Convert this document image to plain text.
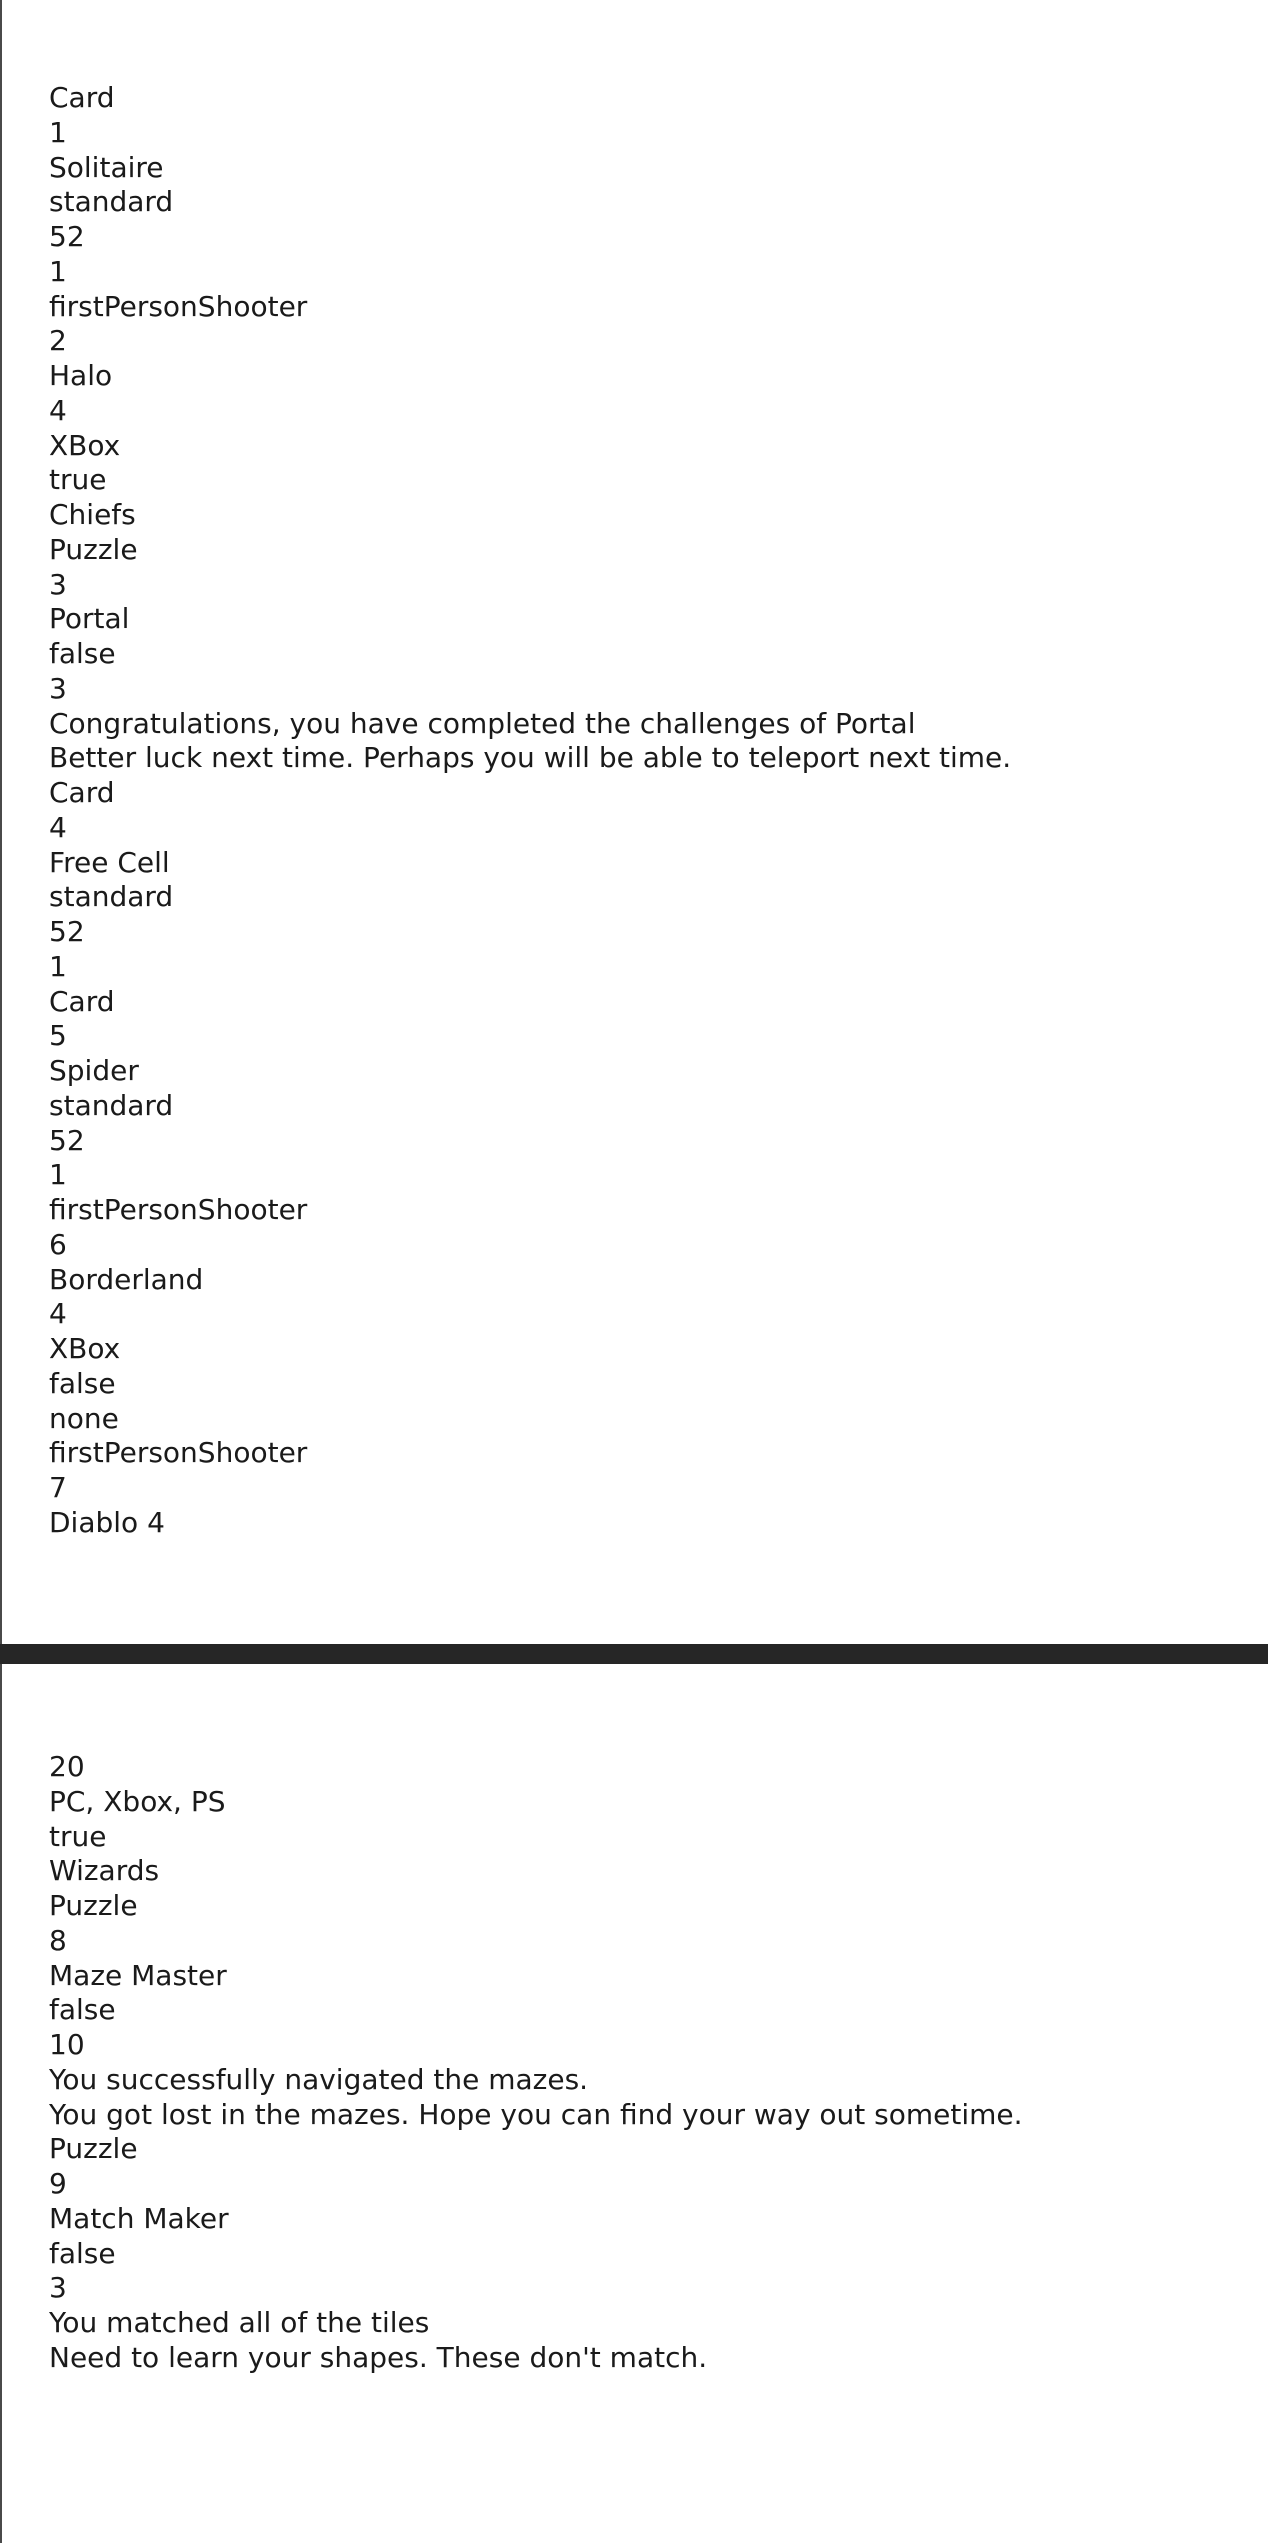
Card
1
Solitaire
standard
52
1
firstPersonShooter
2
Halo
4
XBox
true
Chiefs
Puzzle
3
Portal
false
3
Congratulations, you have completed the challenges of Portal
Better luck next time. Perhaps you will be able to teleport next time.
Card
4
Free Cell
standard
52
1
Card
5
Spider
standard
52
1
firstPersonShooter
6
Borderland
4
XBox
false
none
firstPersonShooter
7
Diablo 4
20
PC, Xbox, PS
true
Wizards
Puzzle
8
Maze Master
false
10
You successfully navigated the mazes.
You got lost in the mazes. Hope you can find your way out sometime.
Puzzle
9
Match Maker
false
3
You matched all of the tiles
Need to learn your shapes. These don't match.
